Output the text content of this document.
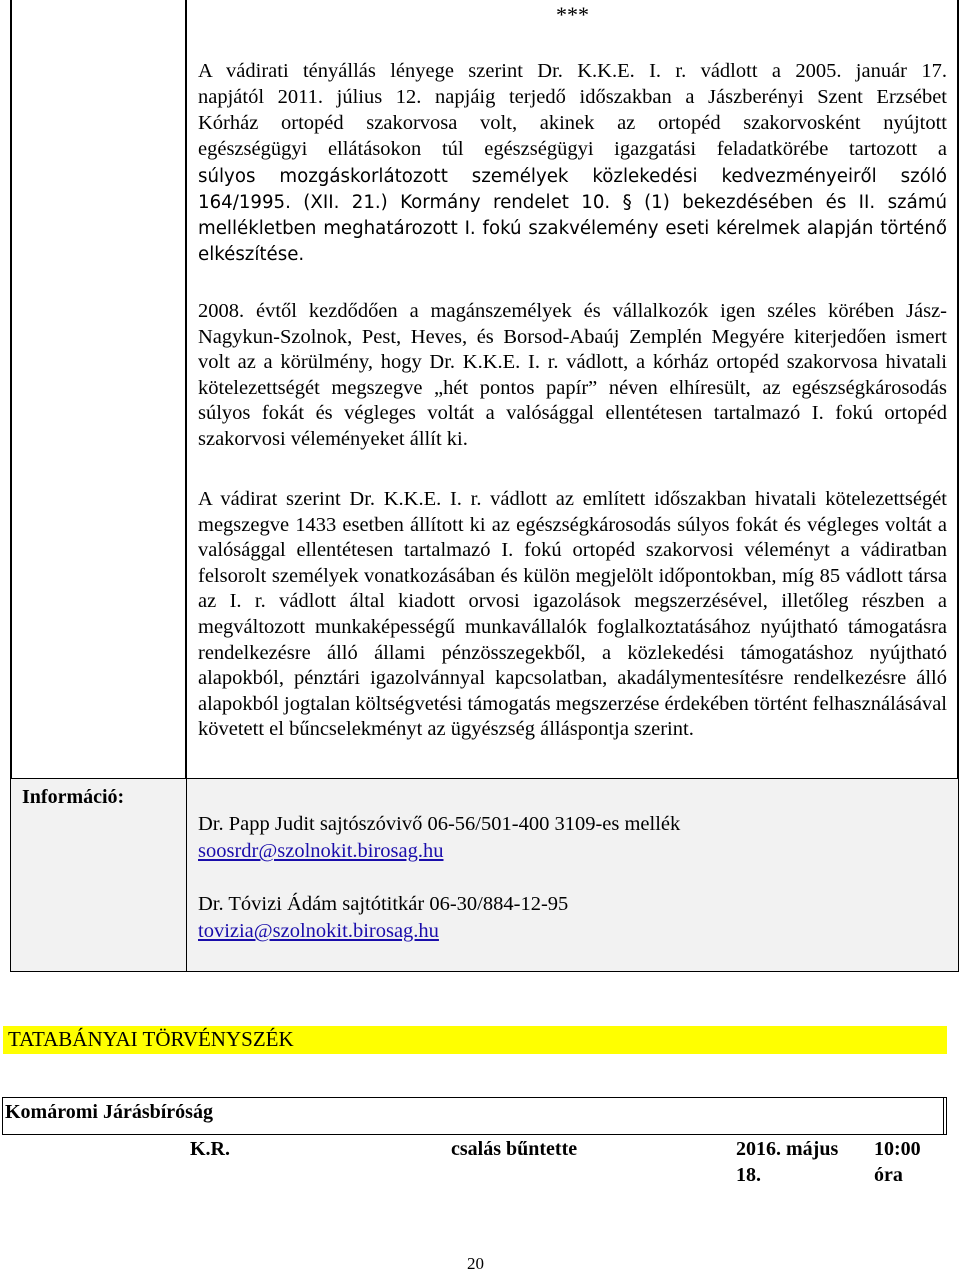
***
A vádirati tényállás lényege szerint Dr. K.K.E. I. r. vádlott a 2005. január 17.
napjától 2011. július 12. napjáig terjedő időszakban a Jászberényi Szent Erzsébet
Kórház ortopéd szakorvosa volt, akinek az ortopéd szakorvosként nyújtott
egészségügyi ellátásokon túl egészségügyi igazgatási feladatkörébe tartozott a
súlyos mozgáskorlátozott személyek közlekedési kedvezményeiről szóló
164/1995. (XII. 21.) Kormány rendelet 10. § (1) bekezdésében és II. számú
mellékletben meghatározott I. fokú szakvélemény eseti kérelmek alapján történő
elkészítése.

2008. évtől kezdődően a magánszemélyek és vállalkozók igen széles körében Jász-Nagykun-Szolnok, Pest, Heves, és Borsod-Abaúj Zemplén Megyére kiterjedően ismert volt az a körülmény, hogy Dr. K.K.E. I. r. vádlott, a kórház ortopéd szakorvosa hivatali kötelezettségét megszegve „hét pontos papír” néven elhíresült, az egészségkárosodás súlyos fokát és végleges voltát a valósággal ellentétesen tartalmazó I. fokú ortopéd szakorvosi véleményeket állít ki.

A vádirat szerint Dr. K.K.E. I. r. vádlott az említett időszakban hivatali kötelezettségét megszegve 1433 esetben állított ki az egészségkárosodás súlyos fokát és végleges voltát a valósággal ellentétesen tartalmazó I. fokú ortopéd szakorvosi véleményt a vádiratban felsorolt személyek vonatkozásában és külön megjelölt időpontokban, míg 85 vádlott társa az I. r. vádlott által kiadott orvosi igazolások megszerzésével, illetőleg részben a megváltozott munkaképességű munkavállalók foglalkoztatásához nyújtható támogatásra rendelkezésre álló állami pénzösszegekből, a közlekedési támogatáshoz nyújtható alapokból, pénztári igazolvánnyal kapcsolatban, akadálymentesítésre rendelkezésre álló alapokból jogtalan költségvetési támogatás megszerzése érdekében történt felhasználásával követett el bűncselekményt az ügyészség álláspontja szerint.

Információ:
Dr. Papp Judit sajtószóvivő 06-56/501-400 3109-es mellék
soosrdr@szolnokit.birosag.hu
Dr. Tóvizi Ádám sajtótitkár 06-30/884-12-95
tovizia@szolnokit.birosag.hu
TATABÁNYAI TÖRVÉNYSZÉK
Komáromi Járásbíróság
K.R.	csalás bűntette	2016. május
18.
10:00
óra
20
